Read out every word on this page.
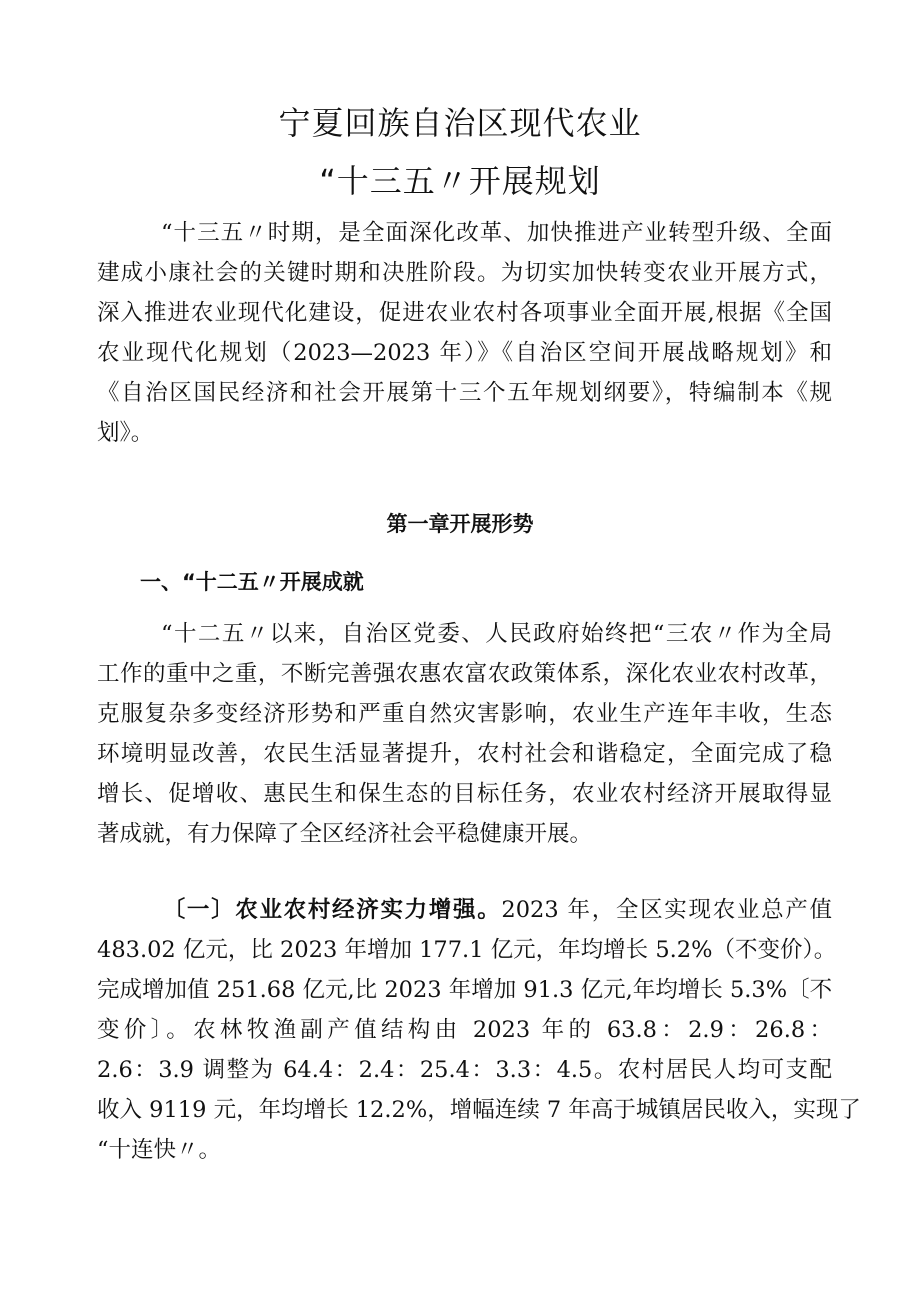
宁夏回族自治区现代农业
“十三五〃开展规划
“十三五〃时期，是全面深化改革、加快推进产业转型升级、全面
建成小康社会的关键时期和决胜阶段。为切实加快转变农业开展方式，
深入推进农业现代化建设，促进农业农村各项事业全面开展,根据《全国
农业现代化规划（2023—2023 年）》《自治区空间开展战略规划》和
《自治区国民经济和社会开展第十三个五年规划纲要》，特编制本《规
划》。
第一章开展形势
一、“十二五〃开展成就
“十二五〃以来，自治区党委、人民政府始终把“三农〃作为全局
工作的重中之重，不断完善强农惠农富农政策体系，深化农业农村改革，
克服复杂多变经济形势和严重自然灾害影响，农业生产连年丰收，生态
环境明显改善，农民生活显著提升，农村社会和谐稳定，全面完成了稳
增长、促增收、惠民生和保生态的目标任务，农业农村经济开展取得显
著成就，有力保障了全区经济社会平稳健康开展。
〔一〕农业农村经济实力增强。2023 年，全区实现农业总产值
483.02 亿元，比 2023 年增加 177.1 亿元，年均增长 5.2%（不变价）。
完成增加值 251.68 亿元,比 2023 年增加 91.3 亿元,年均增长 5.3%〔不
变价〕。农林牧渔副产值结构由 2023 年的 63.8：2.9：26.8：
2.6：3.9 调整为 64.4：2.4：25.4：3.3：4.5。农村居民人均可支配
收入 9119 元，年均增长 12.2%，增幅连续 7 年高于城镇居民收入，实现了
“十连快〃。
